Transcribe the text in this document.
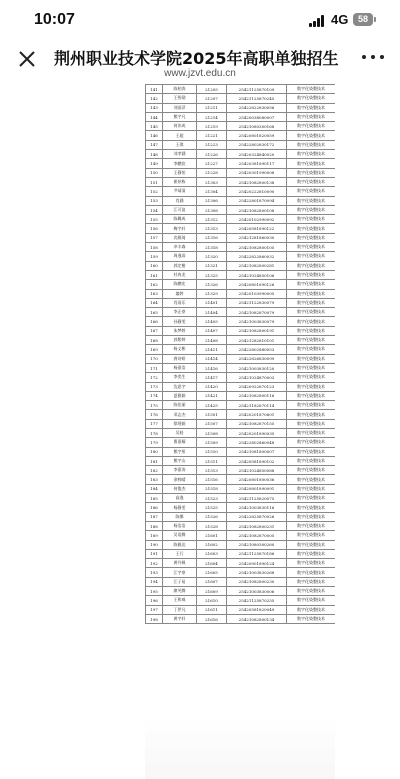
10:07	4G	58
荆州职业技术学院2025年高职单独招生
www.jzvt.edu.cn
141	陈柏涛	21205	25421125870109	数字化染整技术
142	王智勋	21207	25421125870245	数字化染整技术
143	刘雨萍	21211	25422822830056	数字化染整技术
144	熊宇凡	21214	25420038080007	数字化染整技术
145	何沐成	21219	25421080300168	数字化染整技术
146	王超	21221	25420801820059	数字化染整技术
147	王琪	21223	25422802830172	数字化染整技术
148	刘孝涵	21226	25420324840020	数字化染整技术
149	李鹏宸	21227	25420381890117	数字化染整技术
150	王静怡	21228	25420301990008	数字化染整技术
151	崔炫栋	21303	25421082800138	数字化染整技术
152	尹靖清	21304	25420222810090	数字化染整技术
153	肖涵	21306	25422801870094	数字化染整技术
154	江可谊	21308	25421082800108	数字化染整技术
155	陈璐成	21312	25420102990092	数字化染整技术
156	梅宇轩	21313	25420581890122	数字化染整技术
157	宾殿琦	21316	25421281860030	数字化染整技术
158	卓丰森	21318	25421082800105	数字化染整技术
159	周逸雨	21320	25422822860032	数字化染整技术
160	郭定楷	21321	25421082800281	数字化染整技术
161	杜冉龙	21325	25421024850106	数字化染整技术
162	陈鹏宏	21326	25420801890126	数字化染整技术
163	翁婷	21329	25420103990005	数字化染整技术
164	肖雨乐	21401	25421122830079	数字化染整技术
165	李正豪	21404	25421082870079	数字化染整技术
166	孙静雯	21405	25421003830079	数字化染整技术
167	朱梦婷	21407	25421082800191	数字化染整技术
168	郭紫婷	21408	25421282810101	数字化染整技术
169	杨义彬	21411	25422802880053	数字化染整技术
170	龚诗妍	21414	25422826830099	数字化染整技术
171	杨嘉浩	21416	25421003830120	数字化染整技术
172	李奕生	21417	25421024870003	数字化染整技术
173	沈思宇	21420	25420922870123	数字化染整技术
174	夏雅娟	21421	25421082800116	数字化染整技术
175	陈佳丽	21425	25421182870114	数字化染整技术
176	邓志杰	21501	25420201870601	数字化染整技术
177	徐瑶娟	21507	25421082870155	数字化染整技术
178	吴桂	21508	25420201890035	数字化染整技术
179	曹嘉耀	21509	25422802860048	数字化染整技术
180	熊宇彤	21510	25421081800007	数字化染整技术
181	熊宇山	21511	25420581890102	数字化染整技术
182	李嘉涛	21513	25421024850088	数字化染整技术
183	余梓晴	21516	25420801800036	数字化染整技术
184	何俊杰	21518	25420801890091	数字化染整技术
185	高逸	21523	25421125820075	数字化染整技术
186	杨静雯	21525	25421003830116	数字化染整技术
187	陈娜	21526	25422825870026	数字化染整技术
188	杨浩浩	21528	25421082800231	数字化染整技术
189	吴语腾	21601	25421082870005	数字化染整技术
190	陈雅达	21602	25421080300260	数字化染整技术
191	王行	21603	25421125870186	数字化染整技术
192	黄丹枫	21604	25420901890124	数字化染整技术
193	江宇豪	21605	25421003830268	数字化染整技术
194	江子易	21607	25421082800230	数字化染整技术
195	廖芙腾	21609	25421003830006	数字化染整技术
196	王和威	21610	25421125870255	数字化染整技术
197	丁伊凡	21611	25420581820049	数字化染整技术
198	黄宇轩	21616	25421082800134	数字化染整技术
